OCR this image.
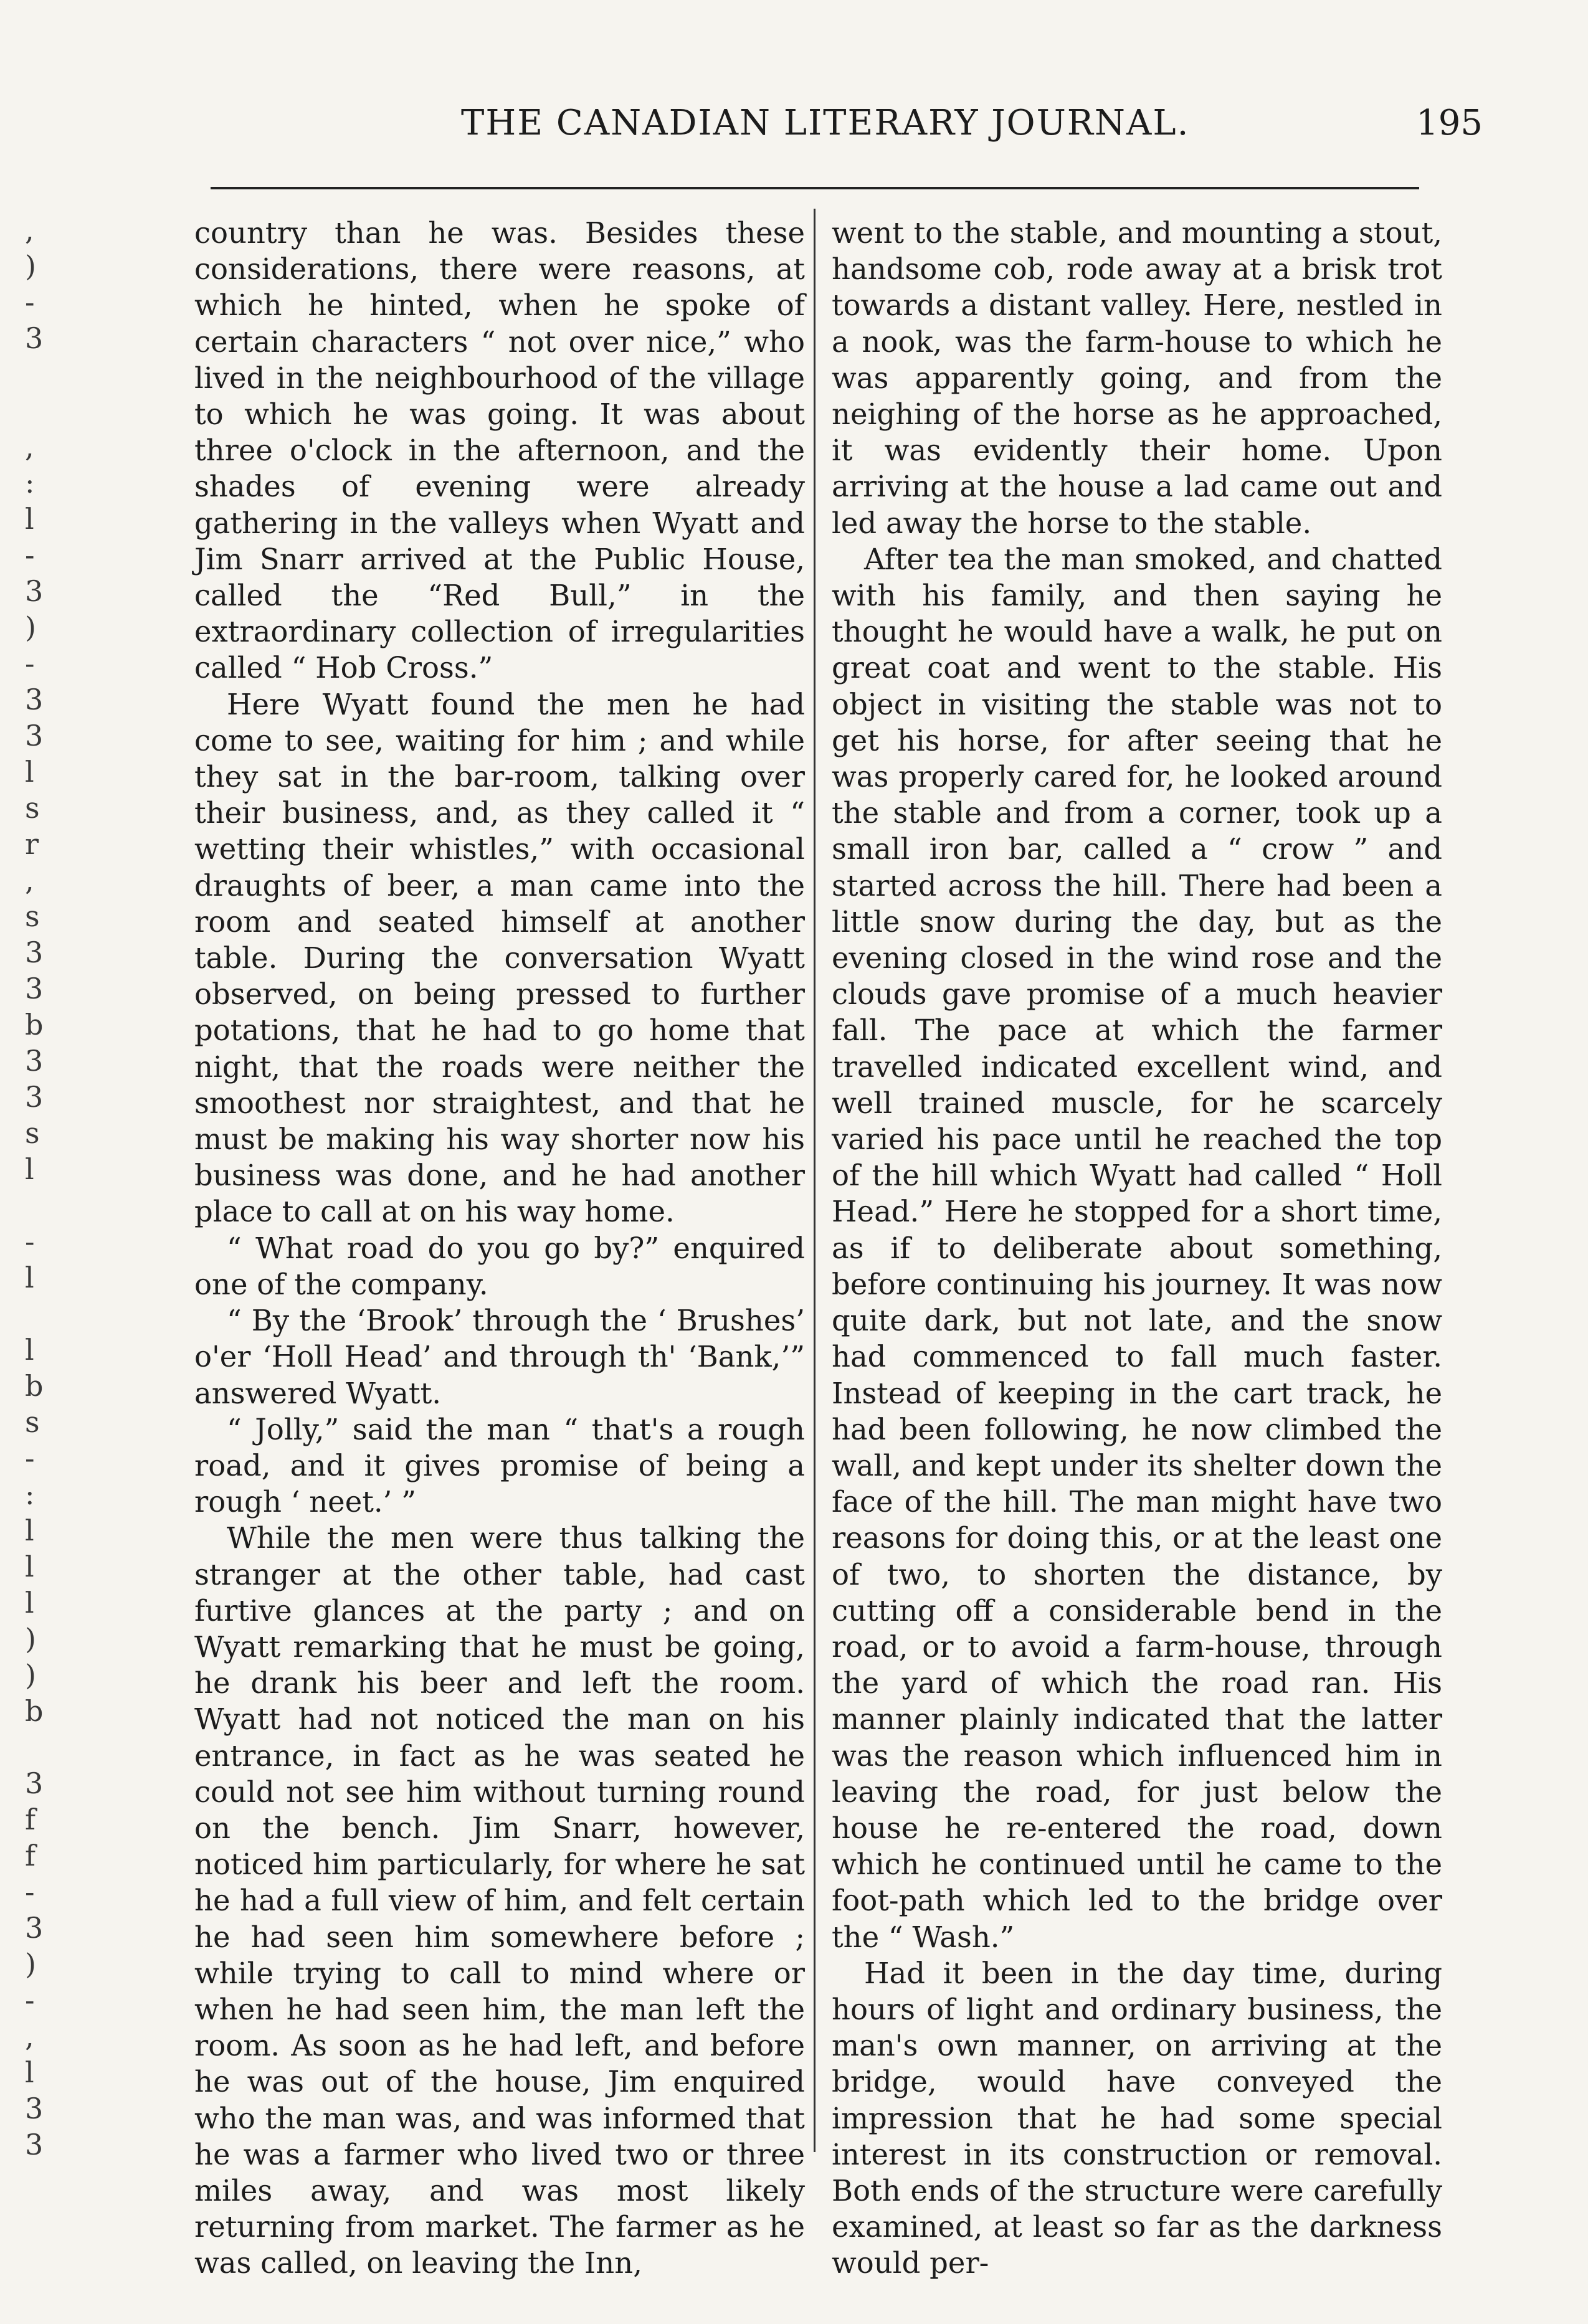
THE CANADIAN LITERARY JOURNAL.	195
,
)
-
3

,
:
l
-
3
)
-
3
3
l
s
r
,
s
3
3
b
3
3
s
l

-
l

l
b
s
-
:
l
l
l
)
)
b

3
f
f
-
3
)
-
,
l
3
3

country than he was. Besides these considerations, there were reasons, at which he hinted, when he spoke of certain characters “ not over nice,” who lived in the neighbourhood of the village to which he was going. It was about three o'clock in the afternoon, and the shades of evening were already gathering in the valleys when Wyatt and Jim Snarr arrived at the Public House, called the “Red Bull,” in the extraordinary collection of irregularities called “ Hob Cross.”

Here Wyatt found the men he had come to see, waiting for him ; and while they sat in the bar-room, talking over their business, and, as they called it “ wetting their whistles,” with occasional draughts of beer, a man came into the room and seated himself at another table. During the conversation Wyatt observed, on being pressed to further potations, that he had to go home that night, that the roads were neither the smoothest nor straightest, and that he must be making his way shorter now his business was done, and he had another place to call at on his way home.

“ What road do you go by?” enquired one of the company.

“ By the ‘Brook’ through the ‘ Brushes’ o'er ‘Holl Head’ and through th' ‘Bank,’” answered Wyatt.

“ Jolly,” said the man “ that's a rough road, and it gives promise of being a rough ‘ neet.’ ”

While the men were thus talking the stranger at the other table, had cast furtive glances at the party ; and on Wyatt remarking that he must be going, he drank his beer and left the room. Wyatt had not noticed the man on his entrance, in fact as he was seated he could not see him without turning round on the bench. Jim Snarr, however, noticed him particularly, for where he sat he had a full view of him, and felt certain he had seen him somewhere before ; while trying to call to mind where or when he had seen him, the man left the room. As soon as he had left, and before he was out of the house, Jim enquired who the man was, and was informed that he was a farmer who lived two or three miles away, and was most likely returning from market. The farmer as he was called, on leaving the Inn,

went to the stable, and mounting a stout, handsome cob, rode away at a brisk trot towards a distant valley. Here, nestled in a nook, was the farm-house to which he was apparently going, and from the neighing of the horse as he approached, it was evidently their home. Upon arriving at the house a lad came out and led away the horse to the stable.

After tea the man smoked, and chatted with his family, and then saying he thought he would have a walk, he put on great coat and went to the stable. His object in visiting the stable was not to get his horse, for after seeing that he was properly cared for, he looked around the stable and from a corner, took up a small iron bar, called a “ crow ” and started across the hill. There had been a little snow during the day, but as the evening closed in the wind rose and the clouds gave promise of a much heavier fall. The pace at which the farmer travelled indicated excellent wind, and well trained muscle, for he scarcely varied his pace until he reached the top of the hill which Wyatt had called “ Holl Head.” Here he stopped for a short time, as if to deliberate about something, before continuing his journey. It was now quite dark, but not late, and the snow had commenced to fall much faster. Instead of keeping in the cart track, he had been following, he now climbed the wall, and kept under its shelter down the face of the hill. The man might have two reasons for doing this, or at the least one of two, to shorten the distance, by cutting off a considerable bend in the road, or to avoid a farm-house, through the yard of which the road ran. His manner plainly indicated that the latter was the reason which influenced him in leaving the road, for just below the house he re-entered the road, down which he continued until he came to the foot-path which led to the bridge over the “ Wash.”

Had it been in the day time, during hours of light and ordinary business, the man's own manner, on arriving at the bridge, would have conveyed the impression that he had some special interest in its construction or removal. Both ends of the structure were carefully examined, at least so far as the darkness would per-
